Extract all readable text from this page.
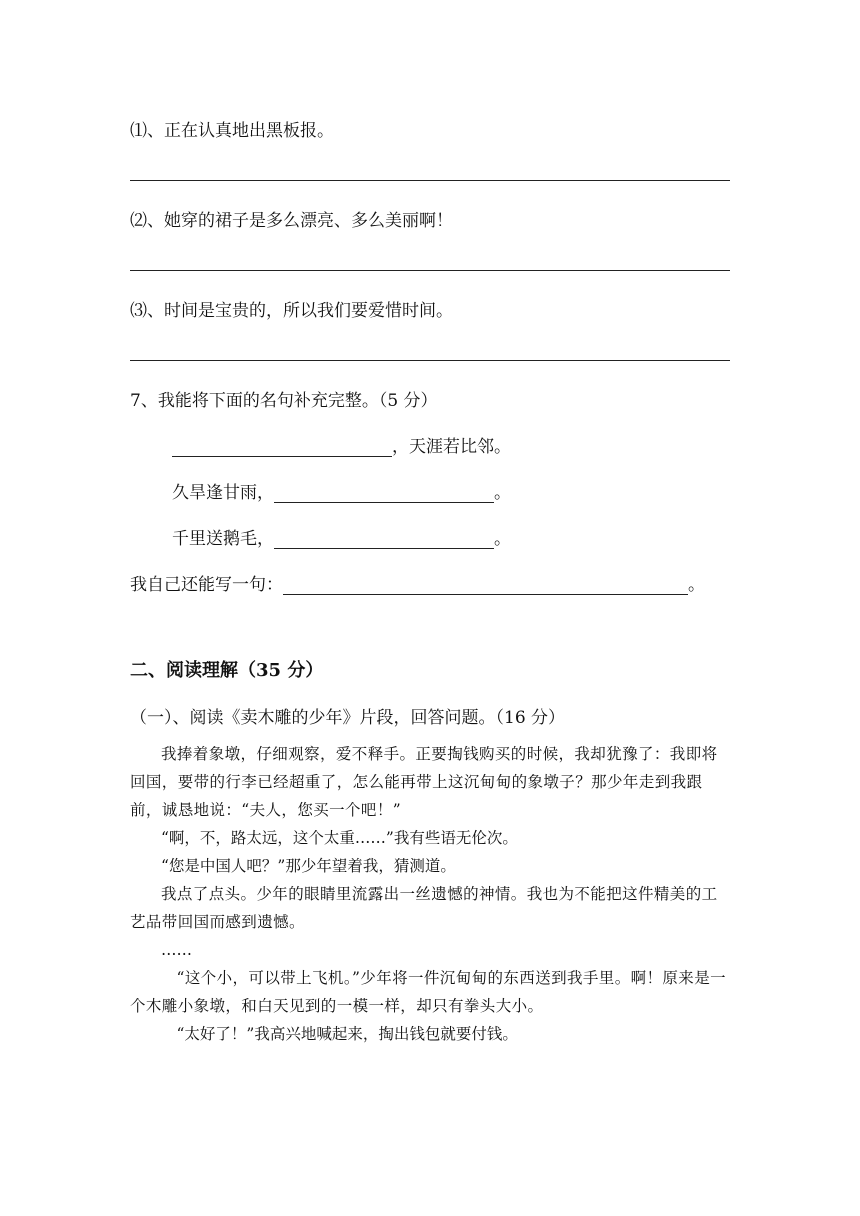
⑴、正在认真地出黑板报。
⑵、她穿的裙子是多么漂亮、多么美丽啊！
⑶、时间是宝贵的，所以我们要爱惜时间。
7、我能将下面的名句补充完整。（5 分）
，天涯若比邻。
久旱逢甘雨，	。
千里送鹅毛，	。
我自己还能写一句：	。
二、阅读理解（35 分）
（一）、阅读《卖木雕的少年》片段，回答问题。（16 分）
我捧着象墩，仔细观察，爱不释手。正要掏钱购买的时候，我却犹豫了：我即将回国，要带的行李已经超重了，怎么能再带上这沉甸甸的象墩子？那少年走到我跟前，诚恳地说：“夫人，您买一个吧！”
“啊，不，路太远，这个太重……”我有些语无伦次。
“您是中国人吧？”那少年望着我，猜测道。
我点了点头。少年的眼睛里流露出一丝遗憾的神情。我也为不能把这件精美的工艺品带回国而感到遗憾。
……
“这个小，可以带上飞机。”少年将一件沉甸甸的东西送到我手里。啊！原来是一个木雕小象墩，和白天见到的一模一样，却只有拳头大小。
“太好了！”我高兴地喊起来，掏出钱包就要付钱。
